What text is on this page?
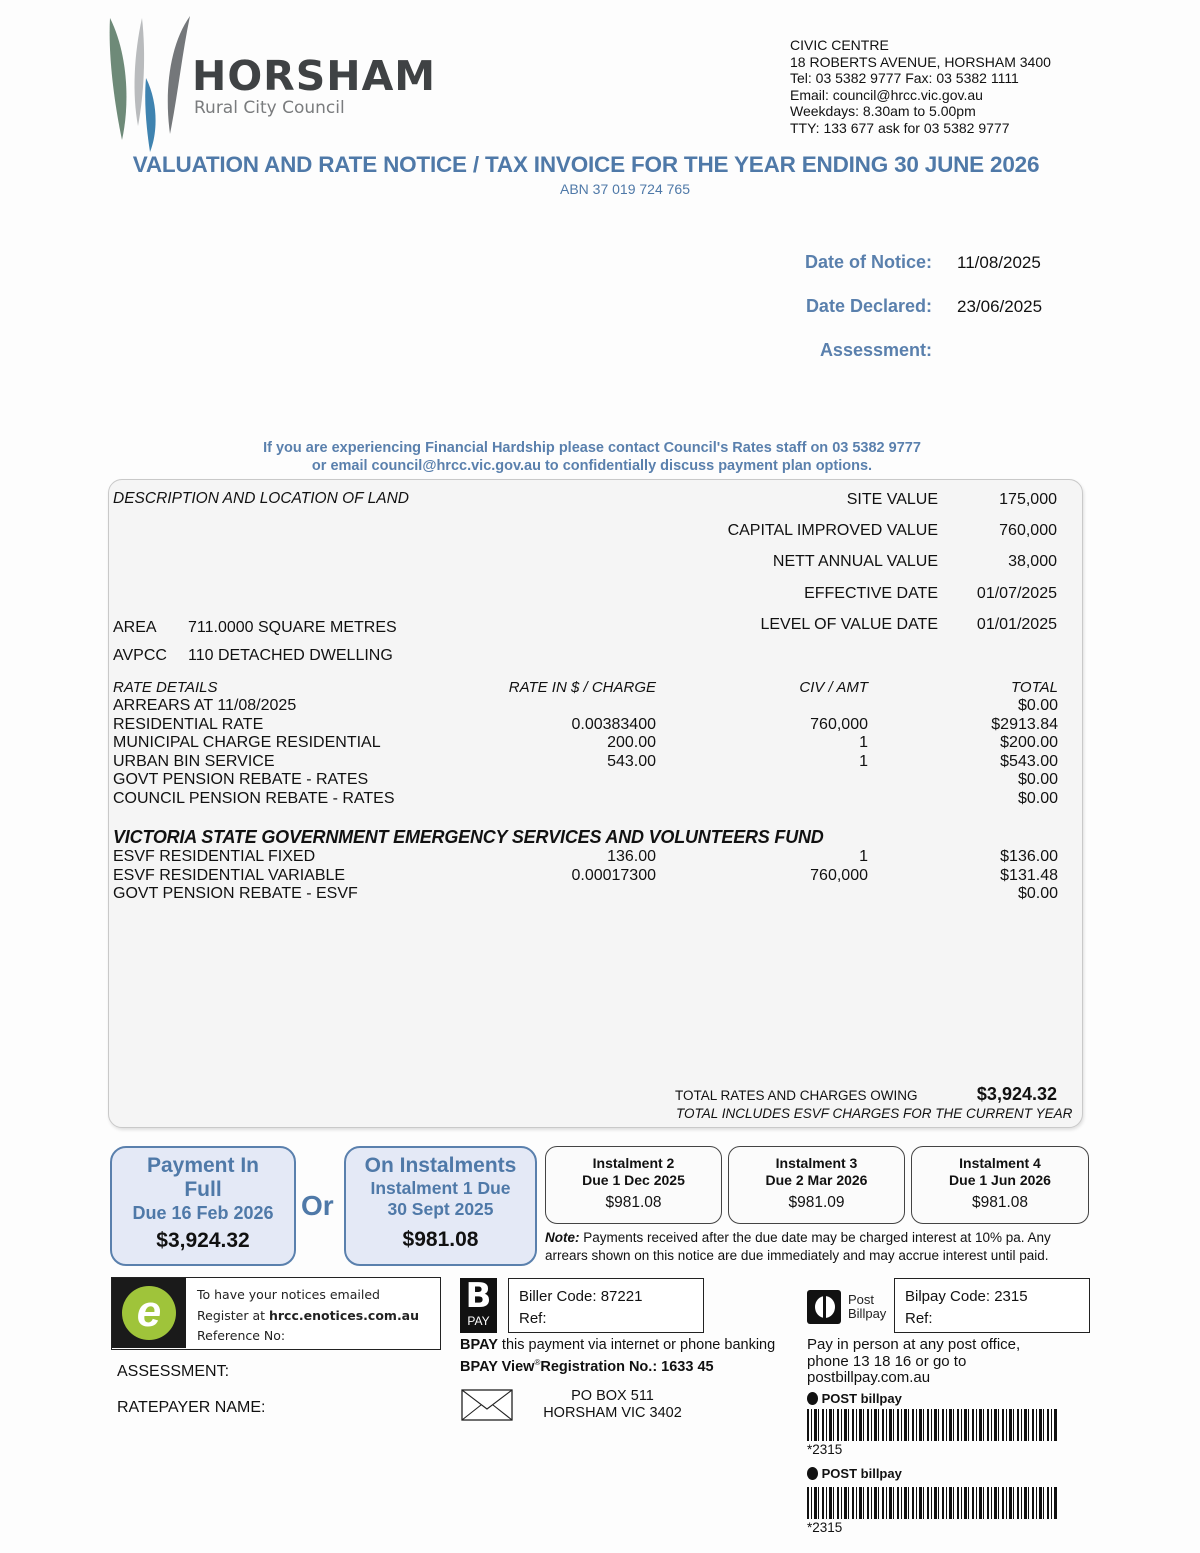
HORSHAM
Rural City Council
CIVIC CENTRE
18 ROBERTS AVENUE, HORSHAM 3400
Tel: 03 5382 9777 Fax: 03 5382 1111
Email: council@hrcc.vic.gov.au
Weekdays: 8.30am to 5.00pm
TTY: 133 677 ask for 03 5382 9777
VALUATION AND RATE NOTICE / TAX INVOICE FOR THE YEAR ENDING 30 JUNE 2026
ABN 37 019 724 765
Date of Notice: 11/08/2025
Date Declared: 23/06/2025
Assessment:
If you are experiencing Financial Hardship please contact Council's Rates staff on 03 5382 9777
or email council@hrcc.vic.gov.au to confidentially discuss payment plan options.
DESCRIPTION AND LOCATION OF LAND	SITE VALUE	175,000
CAPITAL IMPROVED VALUE	760,000
NETT ANNUAL VALUE	38,000
EFFECTIVE DATE	01/07/2025
LEVEL OF VALUE DATE	01/01/2025
AREA 711.0000 SQUARE METRES
AVPCC 110 DETACHED DWELLING
RATE DETAILS	RATE IN $ / CHARGE	CIV / AMT	TOTAL
ARREARS AT 11/08/2025	$0.00
RESIDENTIAL RATE	0.00383400	760,000	$2913.84
MUNICIPAL CHARGE RESIDENTIAL	200.00	1	$200.00
URBAN BIN SERVICE	543.00	1	$543.00
GOVT PENSION REBATE - RATES	$0.00
COUNCIL PENSION REBATE - RATES	$0.00
VICTORIA STATE GOVERNMENT EMERGENCY SERVICES AND VOLUNTEERS FUND
ESVF RESIDENTIAL FIXED	136.00	1	$136.00
ESVF RESIDENTIAL VARIABLE	0.00017300	760,000	$131.48
GOVT PENSION REBATE - ESVF	$0.00
TOTAL RATES AND CHARGES OWING	$3,924.32
TOTAL INCLUDES ESVF CHARGES FOR THE CURRENT YEAR
Payment In
Full
Due 16 Feb 2026
$3,924.32
Or
On Instalments
Instalment 1 Due
30 Sept 2025
$981.08
Instalment 2
Due 1 Dec 2025
$981.08
Instalment 3
Due 2 Mar 2026
$981.09
Instalment 4
Due 1 Jun 2026
$981.08
Note: Payments received after the due date may be charged interest at 10% pa. Any arrears shown on this notice are due immediately and may accrue interest until paid.
e	To have your notices emailed
Register at hrcc.enotices.com.au
Reference No:
ASSESSMENT:
RATEPAYER NAME:
B
PAY
Biller Code: 87221
Ref:
BPAY this payment via internet or phone banking
BPAY View®Registration No.: 1633 45
PO BOX 511
HORSHAM VIC 3402
Post
Billpay
Bilpay Code: 2315
Ref:
Pay in person at any post office,
phone 13 18 16 or go to
postbillpay.com.au
POST billpay
*2315
POST billpay
*2315
